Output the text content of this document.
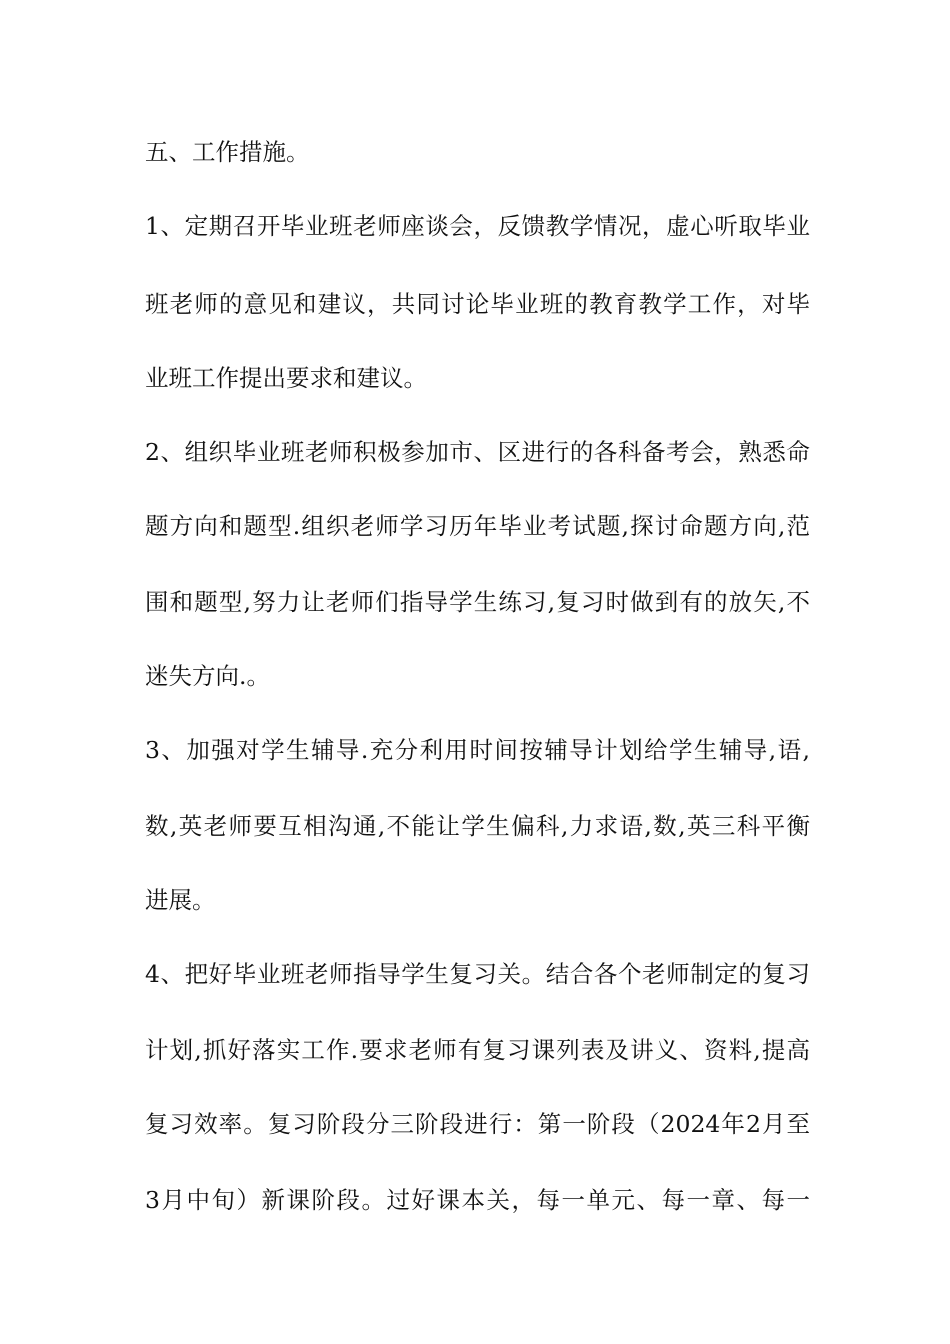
五、工作措施。
1、定期召开毕业班老师座谈会，反馈教学情况，虚心听取毕业
班老师的意见和建议，共同讨论毕业班的教育教学工作，对毕
业班工作提出要求和建议。
2、组织毕业班老师积极参加市、区进行的各科备考会，熟悉命
题方向和题型.组织老师学习历年毕业考试题,探讨命题方向,范
围和题型,努力让老师们指导学生练习,复习时做到有的放矢,不
迷失方向.。
3、加强对学生辅导.充分利用时间按辅导计划给学生辅导,语,
数,英老师要互相沟通,不能让学生偏科,力求语,数,英三科平衡
进展。
4、把好毕业班老师指导学生复习关。结合各个老师制定的复习
计划,抓好落实工作.要求老师有复习课列表及讲义、资料,提高
复习效率。复习阶段分三阶段进行：第一阶段（2024年2月至
3月中旬）新课阶段。过好课本关，每一单元、每一章、每一
